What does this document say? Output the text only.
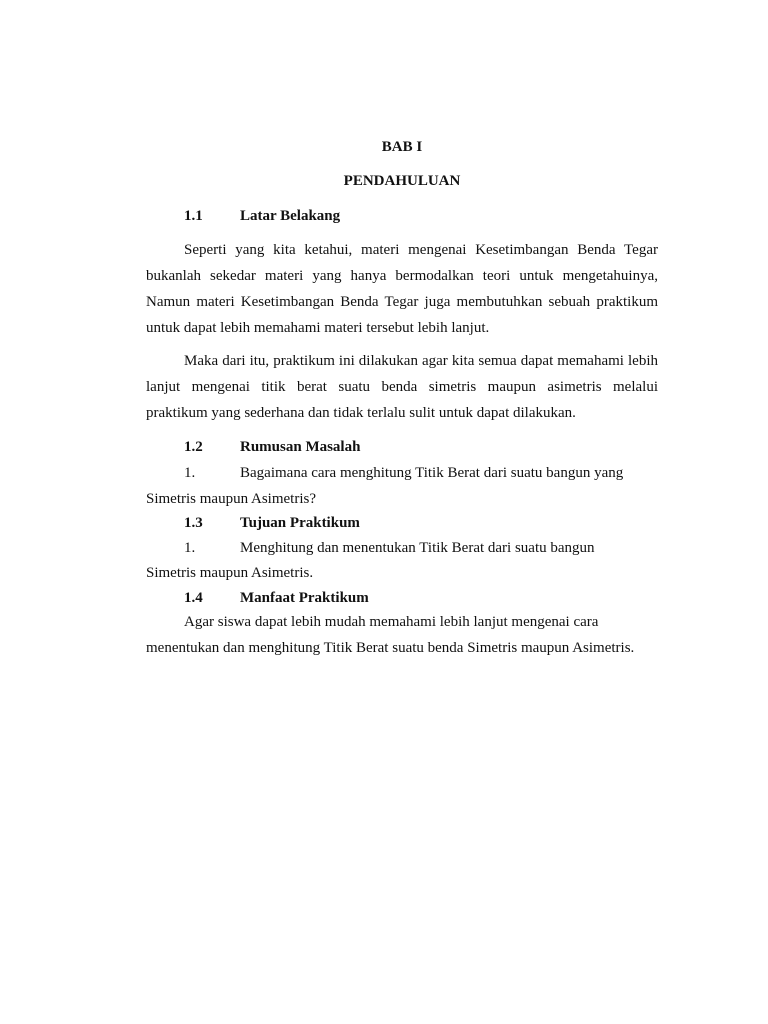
BAB I
PENDAHULUAN
1.1 Latar Belakang
Seperti yang kita ketahui, materi mengenai Kesetimbangan Benda Tegar
bukanlah sekedar materi yang hanya bermodalkan teori untuk mengetahuinya,
Namun materi Kesetimbangan Benda Tegar juga membutuhkan sebuah praktikum
untuk dapat lebih memahami materi tersebut lebih lanjut.
Maka dari itu, praktikum ini dilakukan agar kita semua dapat memahami lebih
lanjut mengenai titik berat suatu benda simetris maupun asimetris melalui
praktikum yang sederhana dan tidak terlalu sulit untuk dapat dilakukan.
1.2 Rumusan Masalah
1.	Bagaimana cara menghitung Titik Berat dari suatu bangun yang
Simetris maupun Asimetris?
1.3 Tujuan Praktikum
1.	Menghitung dan menentukan Titik Berat dari suatu bangun
Simetris maupun Asimetris.
1.4 Manfaat Praktikum
Agar siswa dapat lebih mudah memahami lebih lanjut mengenai cara
menentukan dan menghitung Titik Berat suatu benda Simetris maupun Asimetris.
